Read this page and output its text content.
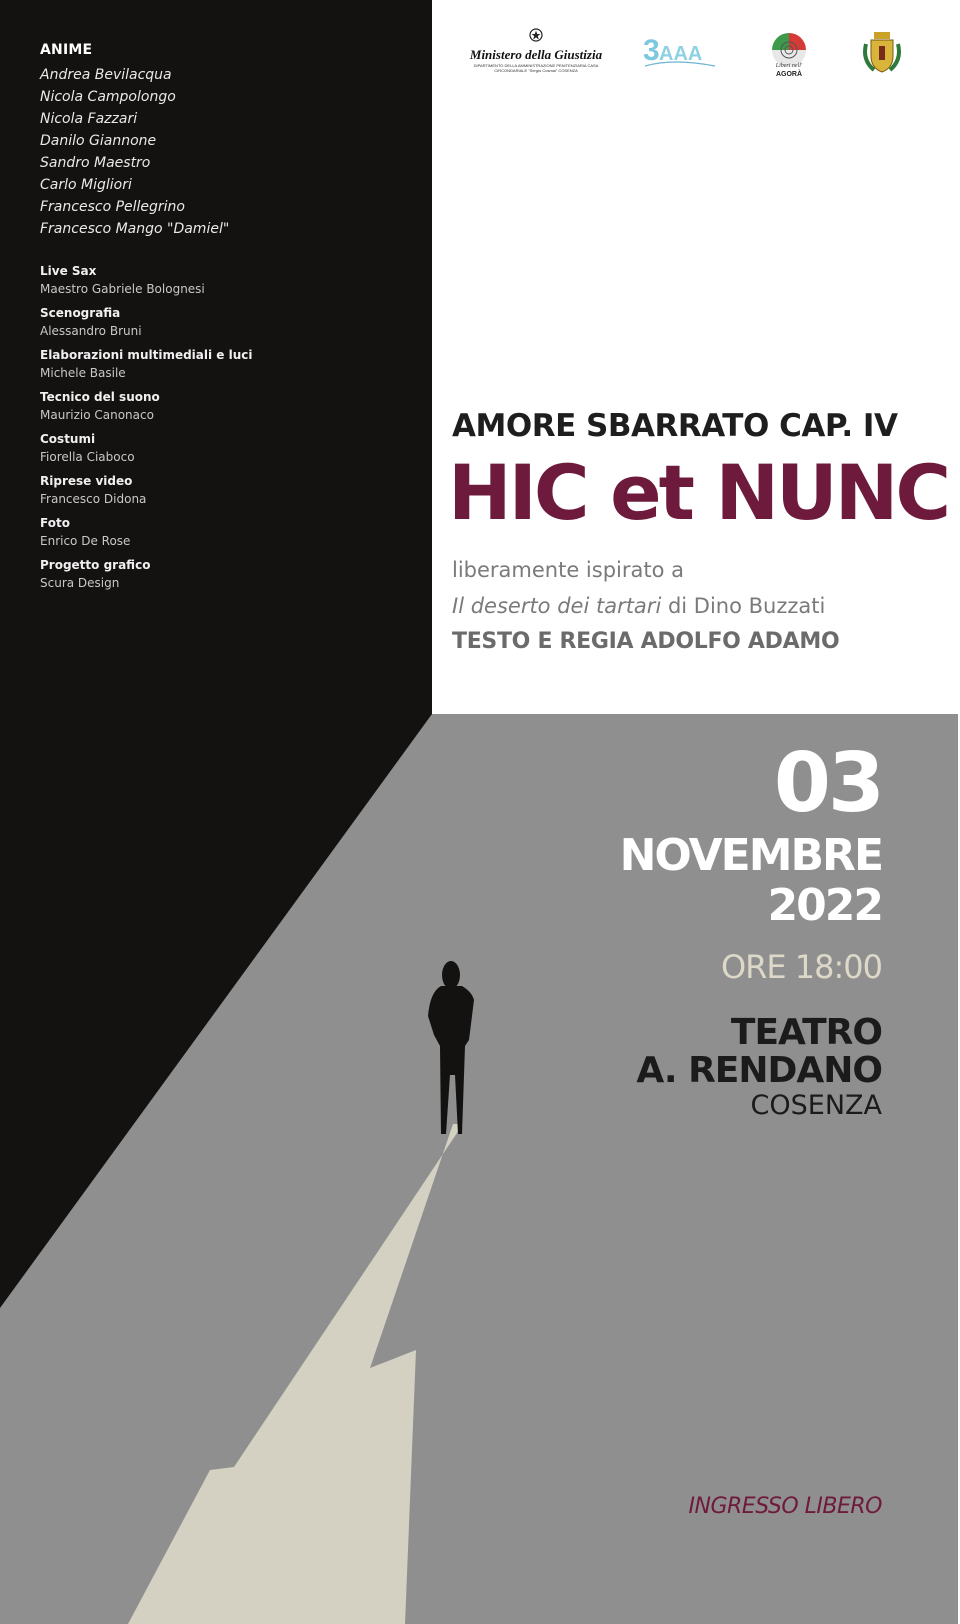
ANIME
Andrea Bevilacqua
Nicola Campolongo
Nicola Fazzari
Danilo Giannone
Sandro Maestro
Carlo Migliori
Francesco Pellegrino
Francesco Mango "Damiel"
Live Sax
Maestro Gabriele Bolognesi
Scenografia
Alessandro Bruni
Elaborazioni multimediali e luci
Michele Basile
Tecnico del suono
Maurizio Canonaco
Costumi
Fiorella Ciaboco
Riprese video
Francesco Didona
Foto
Enrico De Rose
Progetto grafico
Scura Design
Ministero della Giustizia
DIPARTIMENTO DELLA AMMINISTRAZIONE PENITENZIARIA CASA CIRCONDARIALE "Sergio Cosmai" COSENZA
3 AAA
Liberi nell'
AGORÀ
AMORE SBARRATO CAP. IV
HIC et NUNC
liberamente ispirato a
Il deserto dei tartari di Dino Buzzati
TESTO E REGIA ADOLFO ADAMO
03
NOVEMBRE
2022
ORE 18:00
TEATRO
A. RENDANO
COSENZA
INGRESSO LIBERO
